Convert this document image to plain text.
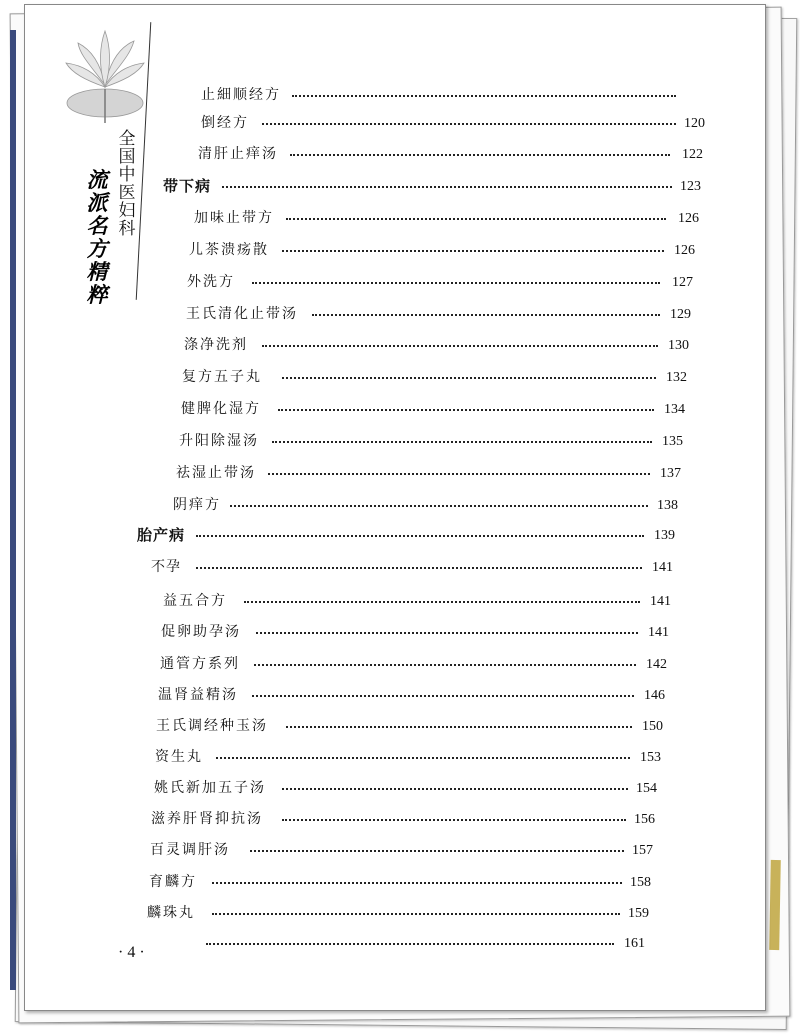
全
国
中
医
妇
科
流
派
名
方
精
粹
止細顺经方
倒经方	120
清肝止痒汤	122
带下病	123
加味止带方	126
儿茶溃疡散	126
外洗方	127
王氏清化止带汤	129
涤净洗剂	130
复方五子丸	132
健脾化湿方	134
升阳除湿汤	135
祛湿止带汤	137
阴痒方	138
胎产病	139
不孕	141
益五合方	141
促卵助孕汤	141
通管方系列	142
温肾益精汤	146
王氏调经种玉汤	150
资生丸	153
姚氏新加五子汤	154
滋养肝肾抑抗汤	156
百灵调肝汤	157
育麟方	158
麟珠丸	159
161
· 4 ·
